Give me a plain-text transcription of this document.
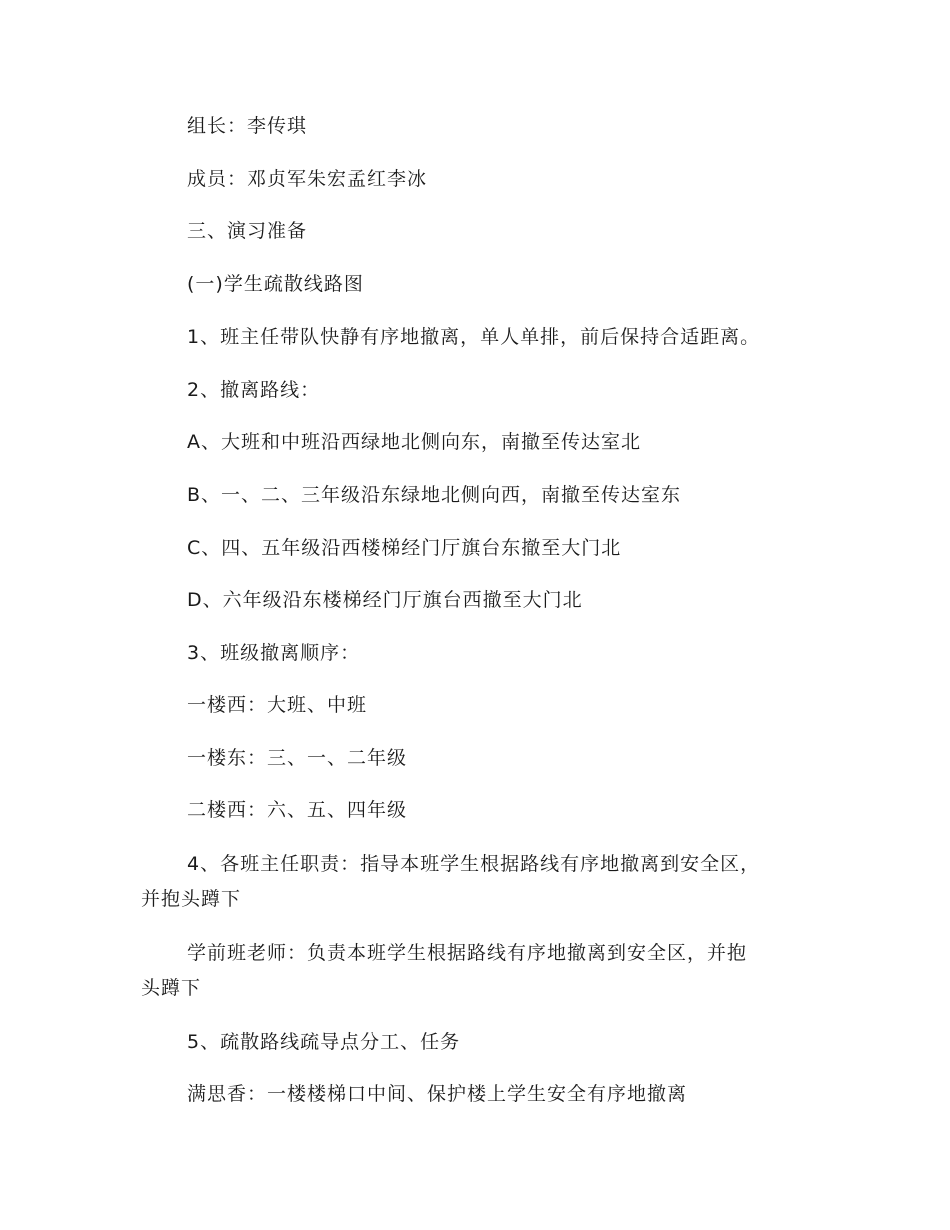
组长：李传琪
成员：邓贞军朱宏孟红李冰
三、演习准备
(一)学生疏散线路图
1、班主任带队快静有序地撤离，单人单排，前后保持合适距离。
2、撤离路线：
A、大班和中班沿西绿地北侧向东，南撤至传达室北
B、一、二、三年级沿东绿地北侧向西，南撤至传达室东
C、四、五年级沿西楼梯经门厅旗台东撤至大门北
D、六年级沿东楼梯经门厅旗台西撤至大门北
3、班级撤离顺序：
一楼西：大班、中班
一楼东：三、一、二年级
二楼西：六、五、四年级
4、各班主任职责：指导本班学生根据路线有序地撤离到安全区，
并抱头蹲下
学前班老师：负责本班学生根据路线有序地撤离到安全区，并抱
头蹲下
5、疏散路线疏导点分工、任务
满思香：一楼楼梯口中间、保护楼上学生安全有序地撤离
